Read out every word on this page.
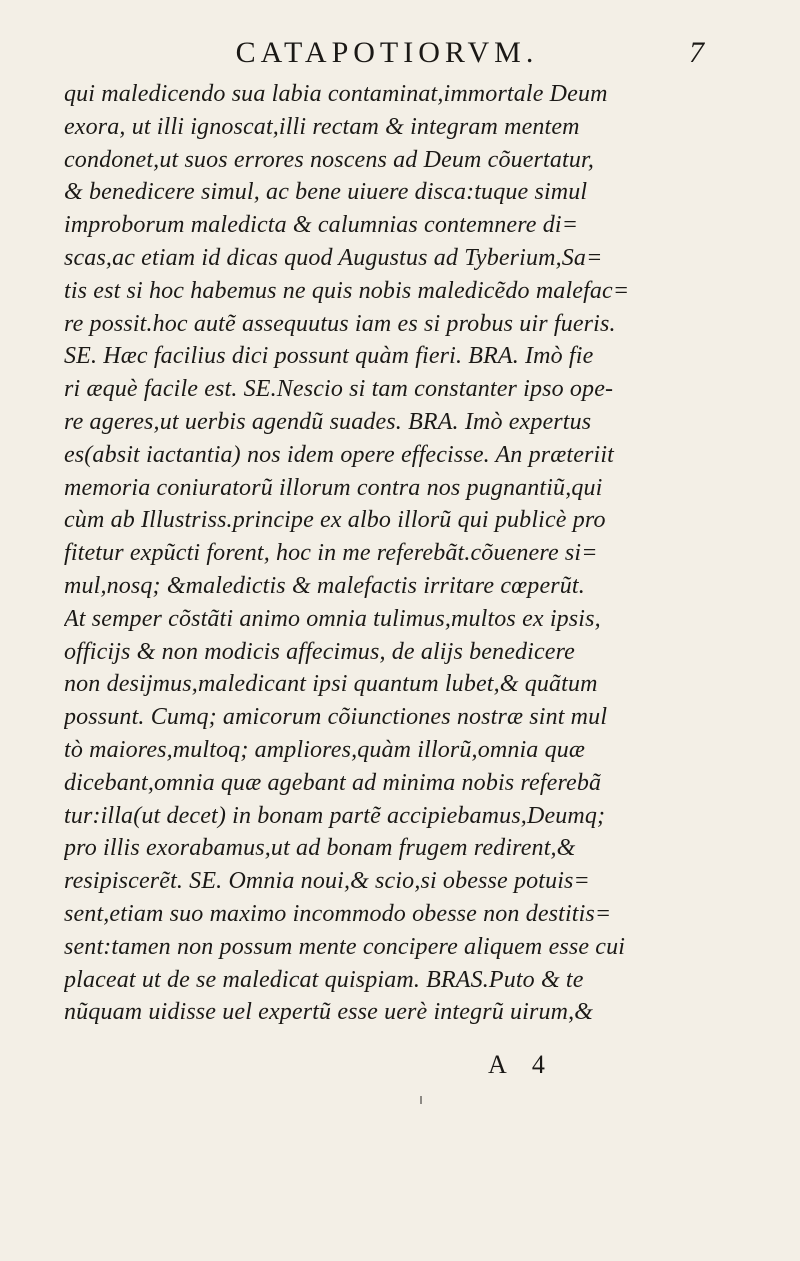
CATAPOTIORVM.	7
qui maledicendo sua labia contaminat,immortale Deum
exora, ut illi ignoscat,illi rectam & integram mentem
condonet,ut suos errores noscens ad Deum cõuertatur,
& benedicere simul, ac bene uiuere disca:tuque simul
improborum maledicta & calumnias contemnere di=
scas,ac etiam id dicas quod Augustus ad Tyberium,Sa=
tis est si hoc habemus ne quis nobis maledicẽdo malefac=
re possit.hoc autẽ assequutus iam es si probus uir fueris.
SE. Hæc facilius dici possunt quàm fieri. BRA. Imò fie
ri æquè facile est. SE.Nescio si tam constanter ipso ope-
re ageres,ut uerbis agendũ suades. BRA. Imò expertus
es(absit iactantia) nos idem opere effecisse. An præteriit
memoria coniuratorũ illorum contra nos pugnantiũ,qui
cùm ab Illustriss.principe ex albo illorũ qui publicè pro
fitetur expũcti forent, hoc in me referebãt.cõuenere si=
mul,nosq; &maledictis & malefactis irritare cœperũt.
At semper cõstãti animo omnia tulimus,multos ex ipsis,
officijs & non modicis affecimus, de alijs benedicere
non desijmus,maledicant ipsi quantum lubet,& quãtum
possunt. Cumq; amicorum cõiunctiones nostræ sint mul
tò maiores,multoq; ampliores,quàm illorũ,omnia quæ
dicebant,omnia quæ agebant ad minima nobis referebã
tur:illa(ut decet) in bonam partẽ accipiebamus,Deumq;
pro illis exorabamus,ut ad bonam frugem redirent,&
resipiscerẽt. SE. Omnia noui,& scio,si obesse potuis=
sent,etiam suo maximo incommodo obesse non destitis=
sent:tamen non possum mente concipere aliquem esse cui
placeat ut de se maledicat quispiam. BRAS.Puto & te
nũquam uidisse uel expertũ esse uerè integrũ uirum,&
A 4
